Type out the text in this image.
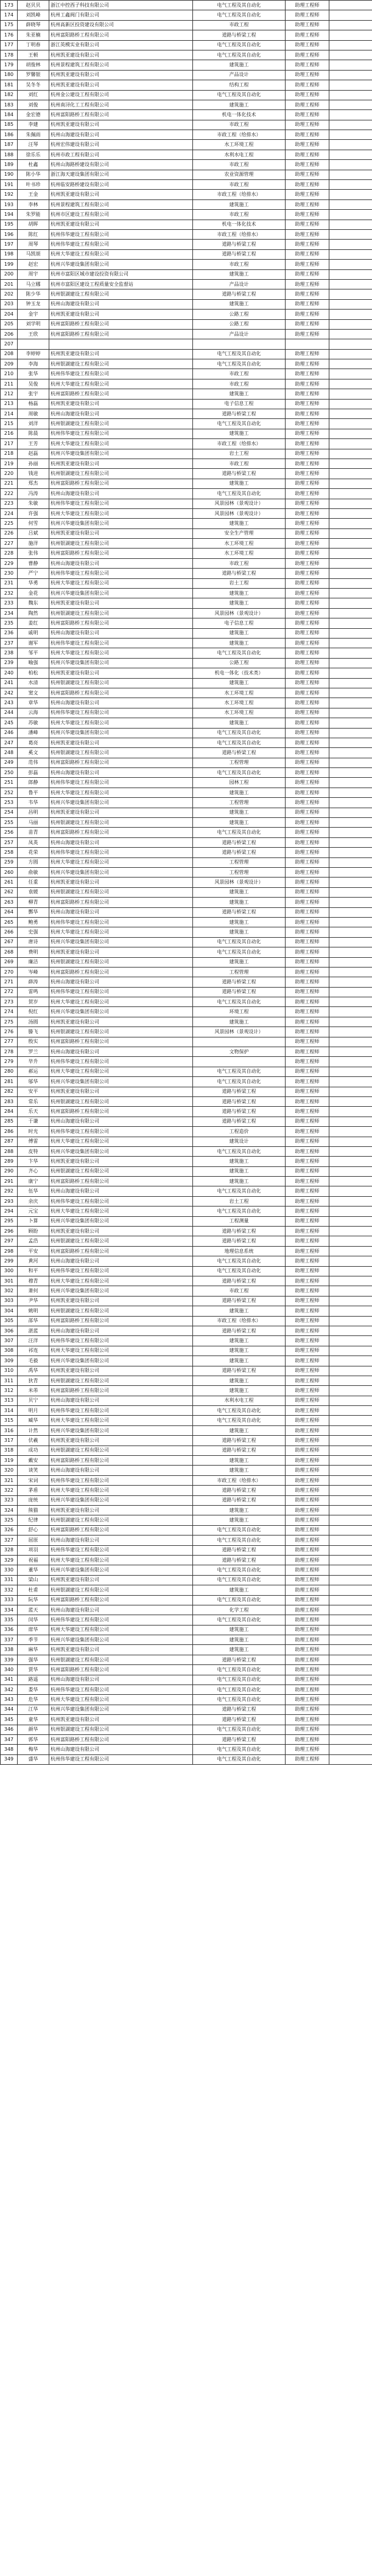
173	赵贝贝	浙江中控西子科技有限公司	电气工程及其自动化	助理工程师	
174	刘凯峰	杭州工鑫阀门有限公司	电气工程及其自动化	助理工程师	
175	薛晓琴	杭州高新区投资建设有限公司	市政工程	助理工程师	
176	朱亚楠	杭州富阳路桥工程有限公司	道路与桥梁工程	助理工程师	
177	丁明春	浙江英模实业有限公司	电气工程及其自动化	助理工程师	
178	王顿	杭州凯亚建设有限公司	电气工程及其自动化	助理工程师	
179	胡俊林	杭州景程建筑工程有限公司	建筑施工	助理工程师	
180	罗馨银	杭州凯亚建设有限公司	产品设计	助理工程师	
181	吴冬冬	杭州凯亚建设有限公司	结构工程	助理工程师	
182	刘红	杭州金公建设工程有限公司	电气工程及其自动化	助理工程师	
183	刘俊	杭州南浔化工工程有限公司	建筑施工	助理工程师	
184	金宏德	杭州富阳路桥工程有限公司	机电一体化技术	助理工程师	
185	李建	杭州凯亚建设有限公司	市政工程	助理工程师	
186	朱佩雨	杭州山海建设有限公司	市政工程（给排水）	助理工程师	
187	汪琴	杭州宏伟建设有限公司	水工环境工程	助理工程师	
188	徐乐乐	杭州市政工程有限公司	水利水电工程	助理工程师	
189	杜鑫	杭州山海路桥建设有限公司	市政工程	助理工程师	
190	陈小华	浙江海天建设集团有限公司	农业资源管理	助理工程师	
191	叶书珍	杭州临安路桥建设有限公司	市政工程	助理工程师	
192	王金	杭州凯亚建设有限公司	市政工程（给排水）	助理工程师	
193	李林	杭州景程建筑工程有限公司	建筑施工	助理工程师	
194	朱罗能	杭州市区建设工程有限公司	市政工程	助理工程师	
195	胡晖	杭州凯亚建设有限公司	机电一体化技术	助理工程师	
196	陈红	杭州伟华建设工程有限公司	市政工程（给排水）	助理工程师	
197	周琴	杭州伟华建设工程有限公司	道路与桥梁工程	助理工程师	
198	马凯颂	杭州大华建设工程有限公司	道路与桥梁工程	助理工程师	
199	赵宏	杭州兴华建设集团有限公司	市政工程	助理工程师	
200	周宇	杭州市富阳区城市建设投资有限公司	建筑施工	助理工程师	
201	马立娜	杭州市富阳区建设工程质量安全监督站	产品设计	助理工程师	
202	陈少华	杭州银湖建设工程有限公司	道路与桥梁工程	助理工程师	
203	钟玉龙	杭州山海建设有限公司	建筑施工	助理工程师	
204	金宇	杭州凯亚建设有限公司	公路工程	助理工程师	
205	刘学明	杭州富阳路桥工程有限公司	公路工程	助理工程师	
206	王欣	杭州富阳路桥工程有限公司	产品设计	助理工程师	
207					
208	李婷婷	杭州凯亚建设有限公司	电气工程及其自动化	助理工程师	
209	李海	杭州银湖建设工程有限公司	电气工程及其自动化	助理工程师	
210	张华	杭州伟华建设工程有限公司	市政工程	助理工程师	
211	吴俊	杭州大华建设工程有限公司	市政工程	助理工程师	
212	张宇	杭州富阳路桥工程有限公司	建筑施工	助理工程师	
213	杨磊	杭州凯亚建设有限公司	电子信息工程	助理工程师	
214	周敏	杭州山海建设有限公司	道路与桥梁工程	助理工程师	
215	刘洋	杭州银湖建设工程有限公司	电气工程及其自动化	助理工程师	
216	陈晨	杭州伟华建设工程有限公司	建筑施工	助理工程师	
217	王芳	杭州大华建设工程有限公司	市政工程（给排水）	助理工程师	
218	赵磊	杭州兴华建设集团有限公司	岩土工程	助理工程师	
219	孙丽	杭州凯亚建设有限公司	市政工程	助理工程师	
220	钱进	杭州银湖建设工程有限公司	道路与桥梁工程	助理工程师	
221	郑杰	杭州富阳路桥工程有限公司	建筑施工	助理工程师	
222	冯涛	杭州山海建设有限公司	电气工程及其自动化	助理工程师	
223	朱敏	杭州伟华建设工程有限公司	风景园林（景观设计）	助理工程师	
224	许强	杭州大华建设工程有限公司	风景园林（景观设计）	助理工程师	
225	何雪	杭州兴华建设集团有限公司	建筑施工	助理工程师	
226	吕斌	杭州凯亚建设有限公司	安全生产管理	助理工程师	
227	施洋	杭州银湖建设工程有限公司	水工环境工程	助理工程师	
228	张伟	杭州富阳路桥工程有限公司	水工环境工程	助理工程师	
229	曹静	杭州山海建设有限公司	市政工程	助理工程师	
230	严宁	杭州伟华建设工程有限公司	道路与桥梁工程	助理工程师	
231	华勇	杭州大华建设工程有限公司	岩土工程	助理工程师	
232	金花	杭州兴华建设集团有限公司	建筑施工	助理工程师	
233	魏东	杭州凯亚建设有限公司	建筑施工	助理工程师	
234	陶然	杭州银湖建设工程有限公司	风景园林（景观设计）	助理工程师	
235	姜红	杭州富阳路桥工程有限公司	电子信息工程	助理工程师	
236	戚明	杭州山海建设有限公司	建筑施工	助理工程师	
237	谢军	杭州伟华建设工程有限公司	建筑施工	助理工程师	
238	邹平	杭州大华建设工程有限公司	电气工程及其自动化	助理工程师	
239	喻强	杭州兴华建设集团有限公司	公路工程	助理工程师	
240	柏松	杭州凯亚建设有限公司	机电一体化（技术类）	助理工程师	
241	水清	杭州银湖建设工程有限公司	建筑施工	助理工程师	
242	窦文	杭州富阳路桥工程有限公司	水工环境工程	助理工程师	
243	章华	杭州山海建设有限公司	水工环境工程	助理工程师	
244	云海	杭州伟华建设工程有限公司	水工环境工程	助理工程师	
245	苏敏	杭州大华建设工程有限公司	建筑施工	助理工程师	
246	潘峰	杭州兴华建设集团有限公司	电气工程及其自动化	助理工程师	
247	葛亮	杭州凯亚建设有限公司	电气工程及其自动化	助理工程师	
248	奚文	杭州银湖建设工程有限公司	道路与桥梁工程	助理工程师	
249	范伟	杭州富阳路桥工程有限公司	工程管理	助理工程师	
250	彭磊	杭州山海建设有限公司	电气工程及其自动化	助理工程师	
251	郎静	杭州伟华建设工程有限公司	园林工程	助理工程师	
252	鲁平	杭州大华建设工程有限公司	建筑施工	助理工程师	
253	韦华	杭州兴华建设集团有限公司	工程管理	助理工程师	
254	昌明	杭州凯亚建设有限公司	建筑施工	助理工程师	
255	马丽	杭州银湖建设工程有限公司	建筑施工	助理工程师	
256	苗青	杭州富阳路桥工程有限公司	电气工程及其自动化	助理工程师	
257	凤英	杭州山海建设有限公司	道路与桥梁工程	助理工程师	
258	花荣	杭州伟华建设工程有限公司	道路与桥梁工程	助理工程师	
259	方圆	杭州大华建设工程有限公司	工程管理	助理工程师	
260	俞敏	杭州兴华建设集团有限公司	工程管理	助理工程师	
261	任重	杭州凯亚建设有限公司	风景园林（景观设计）	助理工程师	
262	袁媛	杭州银湖建设工程有限公司	建筑施工	助理工程师	
263	柳青	杭州富阳路桥工程有限公司	建筑施工	助理工程师	
264	酆华	杭州山海建设有限公司	道路与桥梁工程	助理工程师	
265	鲍勇	杭州伟华建设工程有限公司	建筑施工	助理工程师	
266	史强	杭州大华建设工程有限公司	建筑施工	助理工程师	
267	唐诗	杭州兴华建设集团有限公司	电气工程及其自动化	助理工程师	
268	费明	杭州凯亚建设有限公司	电气工程及其自动化	助理工程师	
269	廉洁	杭州银湖建设工程有限公司	建筑施工	助理工程师	
270	岑峰	杭州富阳路桥工程有限公司	工程管理	助理工程师	
271	薛涛	杭州山海建设有限公司	道路与桥梁工程	助理工程师	
272	雷鸣	杭州伟华建设工程有限公司	道路与桥梁工程	助理工程师	
273	贺岁	杭州大华建设工程有限公司	电气工程及其自动化	助理工程师	
274	倪红	杭州兴华建设集团有限公司	环境工程	助理工程师	
275	汤圆	杭州凯亚建设有限公司	建筑施工	助理工程师	
276	滕飞	杭州银湖建设工程有限公司	风景园林（景观设计）	助理工程师	
277	殷实	杭州富阳路桥工程有限公司		助理工程师	
278	罗兰	杭州山海建设有限公司	文物保护	助理工程师	
279	毕升	杭州伟华建设工程有限公司		助理工程师	
280	郝运	杭州大华建设工程有限公司	电气工程及其自动化	助理工程师	
281	邬华	杭州兴华建设集团有限公司	电气工程及其自动化	助理工程师	
282	安平	杭州凯亚建设有限公司	道路与桥梁工程	助理工程师	
283	常乐	杭州银湖建设工程有限公司	道路与桥梁工程	助理工程师	
284	乐天	杭州富阳路桥工程有限公司	道路与桥梁工程	助理工程师	
285	于谦	杭州山海建设有限公司	道路与桥梁工程	助理工程师	
286	时光	杭州伟华建设工程有限公司	工程造价	助理工程师	
287	傅雷	杭州大华建设工程有限公司	建筑设计	助理工程师	
288	皮特	杭州兴华建设集团有限公司	电气工程及其自动化	助理工程师	
289	卞华	杭州凯亚建设有限公司	建筑施工	助理工程师	
290	齐心	杭州银湖建设工程有限公司	建筑施工	助理工程师	
291	康宁	杭州富阳路桥工程有限公司	建筑施工	助理工程师	
292	伍华	杭州山海建设有限公司	电气工程及其自动化	助理工程师	
293	余庆	杭州伟华建设工程有限公司	岩土工程	助理工程师	
294	元宝	杭州大华建设工程有限公司	电气工程及其自动化	助理工程师	
295	卜算	杭州兴华建设集团有限公司	工程测量	助理工程师	
296	顾盼	杭州凯亚建设有限公司	道路与桥梁工程	助理工程师	
297	孟浩	杭州银湖建设工程有限公司	道路与桥梁工程	助理工程师	
298	平安	杭州富阳路桥工程有限公司	地理信息系统	助理工程师	
299	黄河	杭州山海建设有限公司	电气工程及其自动化	助理工程师	
300	和平	杭州伟华建设工程有限公司	电气工程及其自动化	助理工程师	
301	穆青	杭州大华建设工程有限公司	道路与桥梁工程	助理工程师	
302	萧何	杭州兴华建设集团有限公司	市政工程	助理工程师	
303	尹华	杭州凯亚建设有限公司	道路与桥梁工程	助理工程师	
304	姚明	杭州银湖建设工程有限公司	建筑施工	助理工程师	
305	邵华	杭州富阳路桥工程有限公司	市政工程（给排水）	助理工程师	
306	湛蓝	杭州山海建设有限公司	道路与桥梁工程	助理工程师	
307	汪洋	杭州伟华建设工程有限公司	建筑施工	助理工程师	
308	祁连	杭州大华建设工程有限公司	建筑施工	助理工程师	
309	毛毅	杭州兴华建设集团有限公司	建筑施工	助理工程师	
310	禹华	杭州凯亚建设有限公司	道路与桥梁工程	助理工程师	
311	狄青	杭州银湖建设工程有限公司	建筑施工	助理工程师	
312	米芾	杭州富阳路桥工程有限公司	建筑施工	助理工程师	
313	贝宁	杭州山海建设有限公司	水利水电工程	助理工程师	
314	明月	杭州伟华建设工程有限公司	电气工程及其自动化	助理工程师	
315	臧华	杭州大华建设工程有限公司	电气工程及其自动化	助理工程师	
316	计然	杭州兴华建设集团有限公司	建筑施工	助理工程师	
317	伏羲	杭州凯亚建设有限公司	道路与桥梁工程	助理工程师	
318	成功	杭州银湖建设工程有限公司	道路与桥梁工程	助理工程师	
319	戴安	杭州富阳路桥工程有限公司	建筑施工	助理工程师	
320	谈笑	杭州山海建设有限公司	建筑施工	助理工程师	
321	宋词	杭州伟华建设工程有限公司	市政工程（给排水）	助理工程师	
322	茅盾	杭州大华建设工程有限公司	道路与桥梁工程	助理工程师	
323	庞统	杭州兴华建设集团有限公司	道路与桥梁工程	助理工程师	
324	熊猫	杭州凯亚建设有限公司	建筑施工	助理工程师	
325	纪律	杭州银湖建设工程有限公司	建筑施工	助理工程师	
326	舒心	杭州富阳路桥工程有限公司	电气工程及其自动化	助理工程师	
327	屈原	杭州山海建设有限公司	电气工程及其自动化	助理工程师	
328	项羽	杭州伟华建设工程有限公司	道路与桥梁工程	助理工程师	
329	祝福	杭州大华建设工程有限公司	道路与桥梁工程	助理工程师	
330	董华	杭州兴华建设集团有限公司	电气工程及其自动化	助理工程师	
331	梁山	杭州凯亚建设有限公司	电气工程及其自动化	助理工程师	
332	杜甫	杭州银湖建设工程有限公司	建筑施工	助理工程师	
333	阮华	杭州富阳路桥工程有限公司	电气工程及其自动化	助理工程师	
334	蓝天	杭州山海建设有限公司	化学工程	助理工程师	
335	闵华	杭州伟华建设工程有限公司	电气工程及其自动化	助理工程师	
336	席华	杭州大华建设工程有限公司	建筑施工	助理工程师	
337	季节	杭州兴华建设集团有限公司	建筑施工	助理工程师	
338	麻华	杭州凯亚建设有限公司	建筑施工	助理工程师	
339	强华	杭州银湖建设工程有限公司	道路与桥梁工程	助理工程师	
340	贾华	杭州富阳路桥工程有限公司	电气工程及其自动化	助理工程师	
341	路遥	杭州山海建设有限公司	电气工程及其自动化	助理工程师	
342	娄华	杭州伟华建设工程有限公司	电气工程及其自动化	助理工程师	
343	危华	杭州大华建设工程有限公司	电气工程及其自动化	助理工程师	
344	江华	杭州兴华建设集团有限公司	道路与桥梁工程	助理工程师	
345	童华	杭州凯亚建设有限公司	道路与桥梁工程	助理工程师	
346	颜华	杭州银湖建设工程有限公司	电气工程及其自动化	助理工程师	
347	郭华	杭州富阳路桥工程有限公司	道路与桥梁工程	助理工程师	
348	梅华	杭州山海建设有限公司	电气工程及其自动化	助理工程师	
349	盛华	杭州伟华建设工程有限公司	电气工程及其自动化	助理工程师	
